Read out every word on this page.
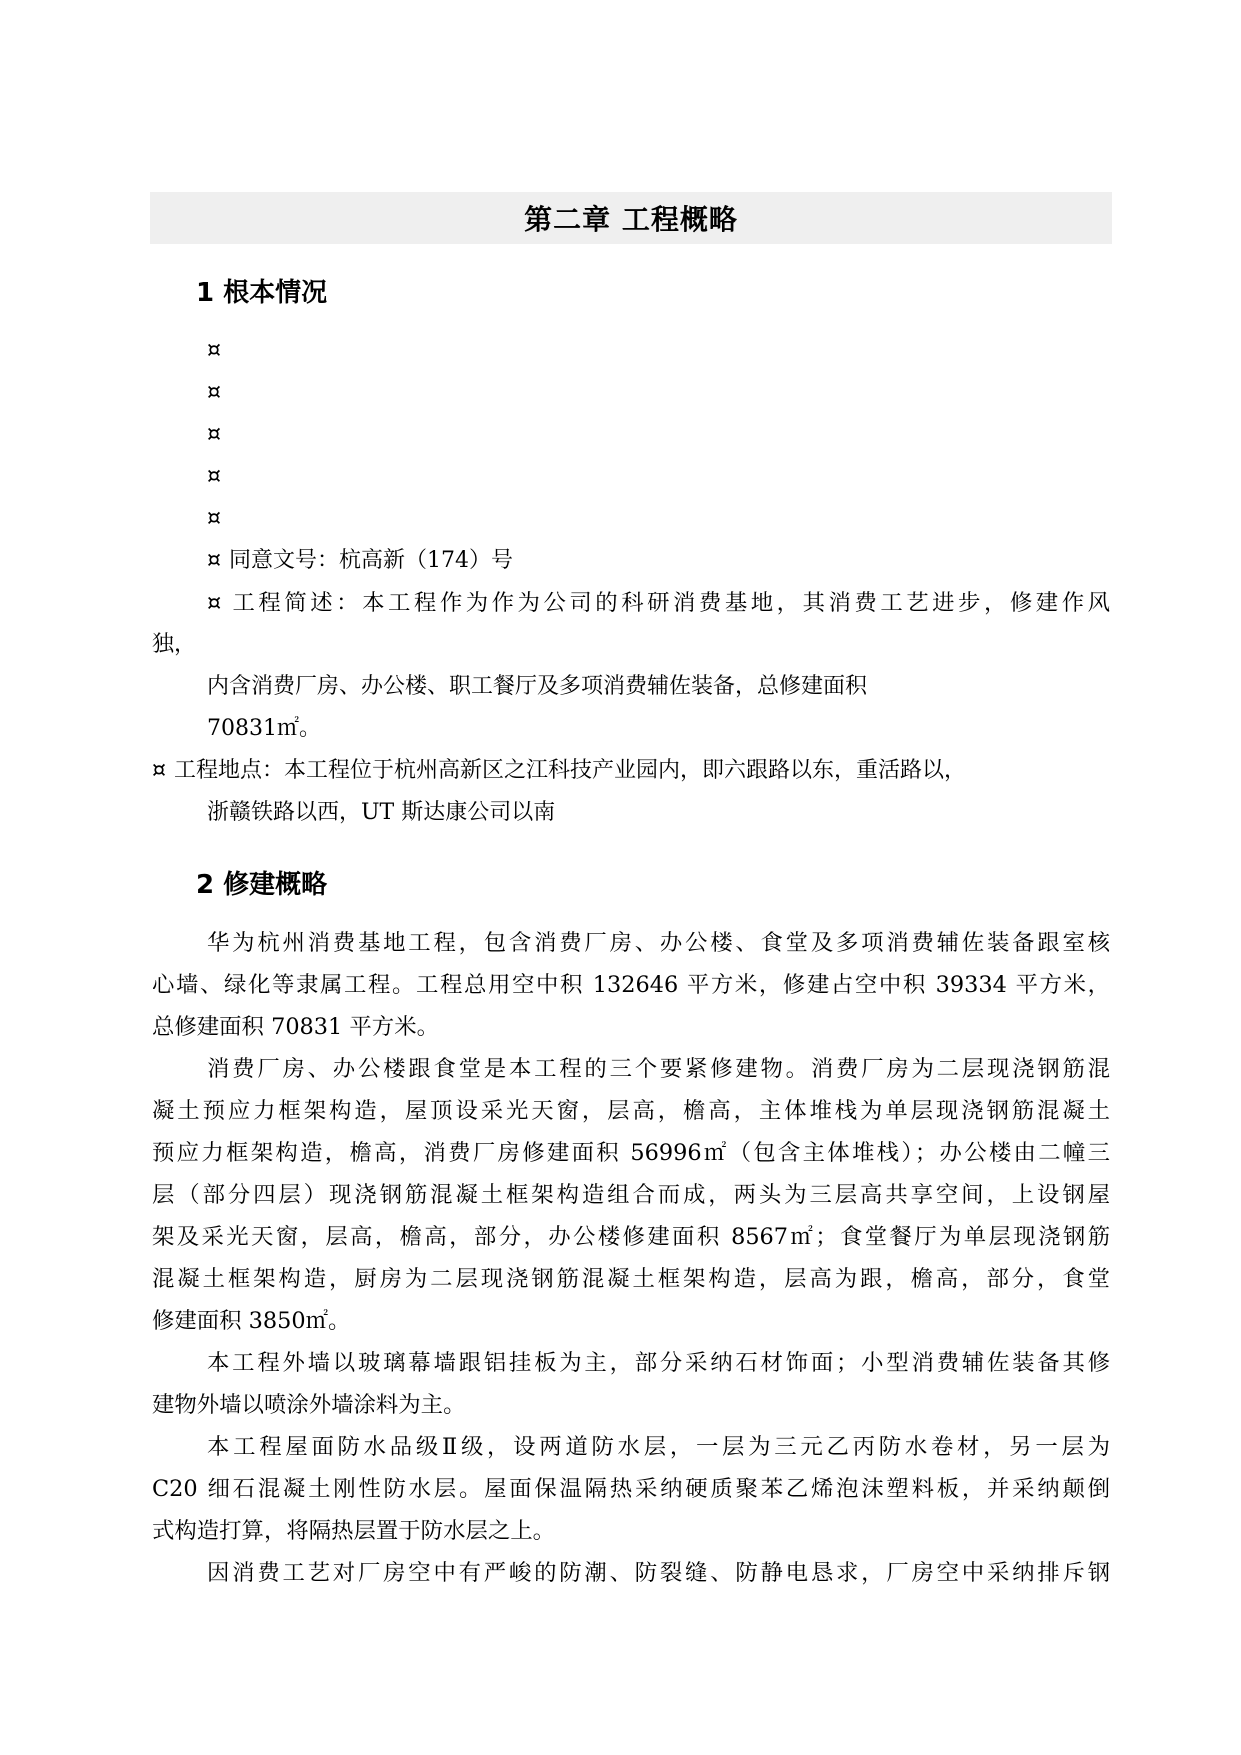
第二章 工程概略
1 根本情况
¤
¤
¤
¤
¤
¤ 同意文号：杭高新（174）号
¤ 工程简述：本工程作为作为公司的科研消费基地，其消费工艺进步，修建作风
独，
内含消费厂房、办公楼、职工餐厅及多项消费辅佐装备，总修建面积
70831㎡。
¤ 工程地点：本工程位于杭州高新区之江科技产业园内，即六跟路以东，重活路以，
浙赣铁路以西，UT 斯达康公司以南
2 修建概略
华为杭州消费基地工程，包含消费厂房、办公楼、食堂及多项消费辅佐装备跟室核
心墙、绿化等隶属工程。工程总用空中积 132646 平方米，修建占空中积 39334 平方米，
总修建面积 70831 平方米。
消费厂房、办公楼跟食堂是本工程的三个要紧修建物。消费厂房为二层现浇钢筋混
凝土预应力框架构造，屋顶设采光天窗，层高，檐高，主体堆栈为单层现浇钢筋混凝土
预应力框架构造，檐高，消费厂房修建面积 56996㎡（包含主体堆栈）；办公楼由二幢三
层（部分四层）现浇钢筋混凝土框架构造组合而成，两头为三层高共享空间，上设钢屋
架及采光天窗，层高，檐高，部分，办公楼修建面积 8567㎡；食堂餐厅为单层现浇钢筋
混凝土框架构造，厨房为二层现浇钢筋混凝土框架构造，层高为跟，檐高，部分，食堂
修建面积 3850㎡。
本工程外墙以玻璃幕墙跟铝挂板为主，部分采纳石材饰面；小型消费辅佐装备其修
建物外墙以喷涂外墙涂料为主。
本工程屋面防水品级Ⅱ级，设两道防水层，一层为三元乙丙防水卷材，另一层为
C20 细石混凝土刚性防水层。屋面保温隔热采纳硬质聚苯乙烯泡沫塑料板，并采纳颠倒
式构造打算，将隔热层置于防水层之上。
因消费工艺对厂房空中有严峻的防潮、防裂缝、防静电恳求，厂房空中采纳排斥钢
